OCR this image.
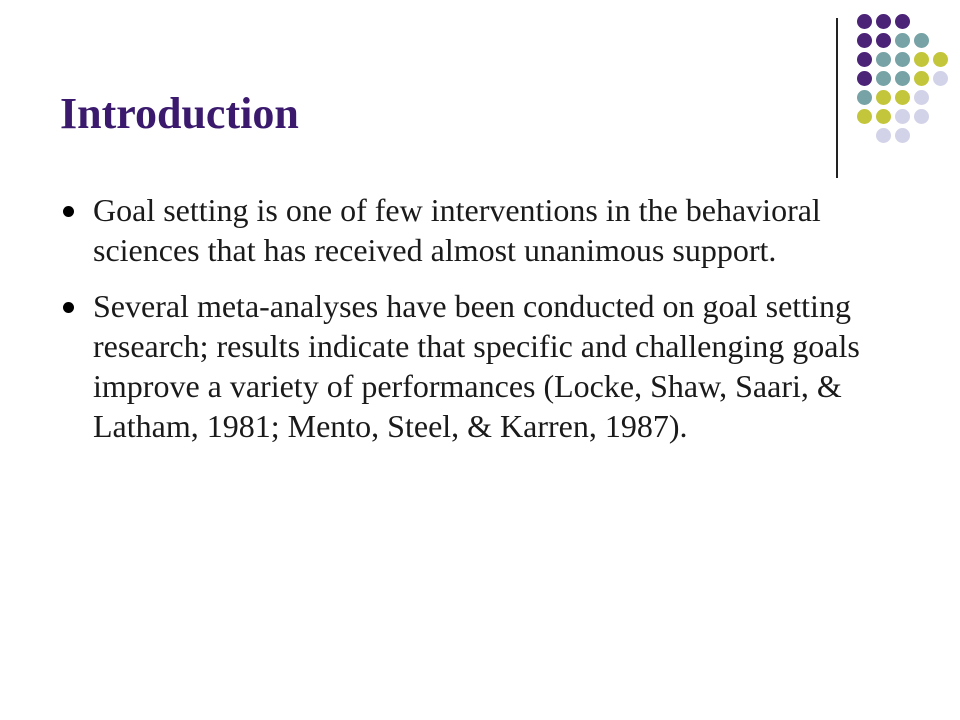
Introduction
Goal setting is one of few interventions in the behavioral sciences that has received almost unanimous support.
Several meta-analyses have been conducted on goal setting research; results indicate that specific and challenging goals improve a variety of performances (Locke, Shaw, Saari, & Latham, 1981; Mento, Steel, & Karren, 1987).
